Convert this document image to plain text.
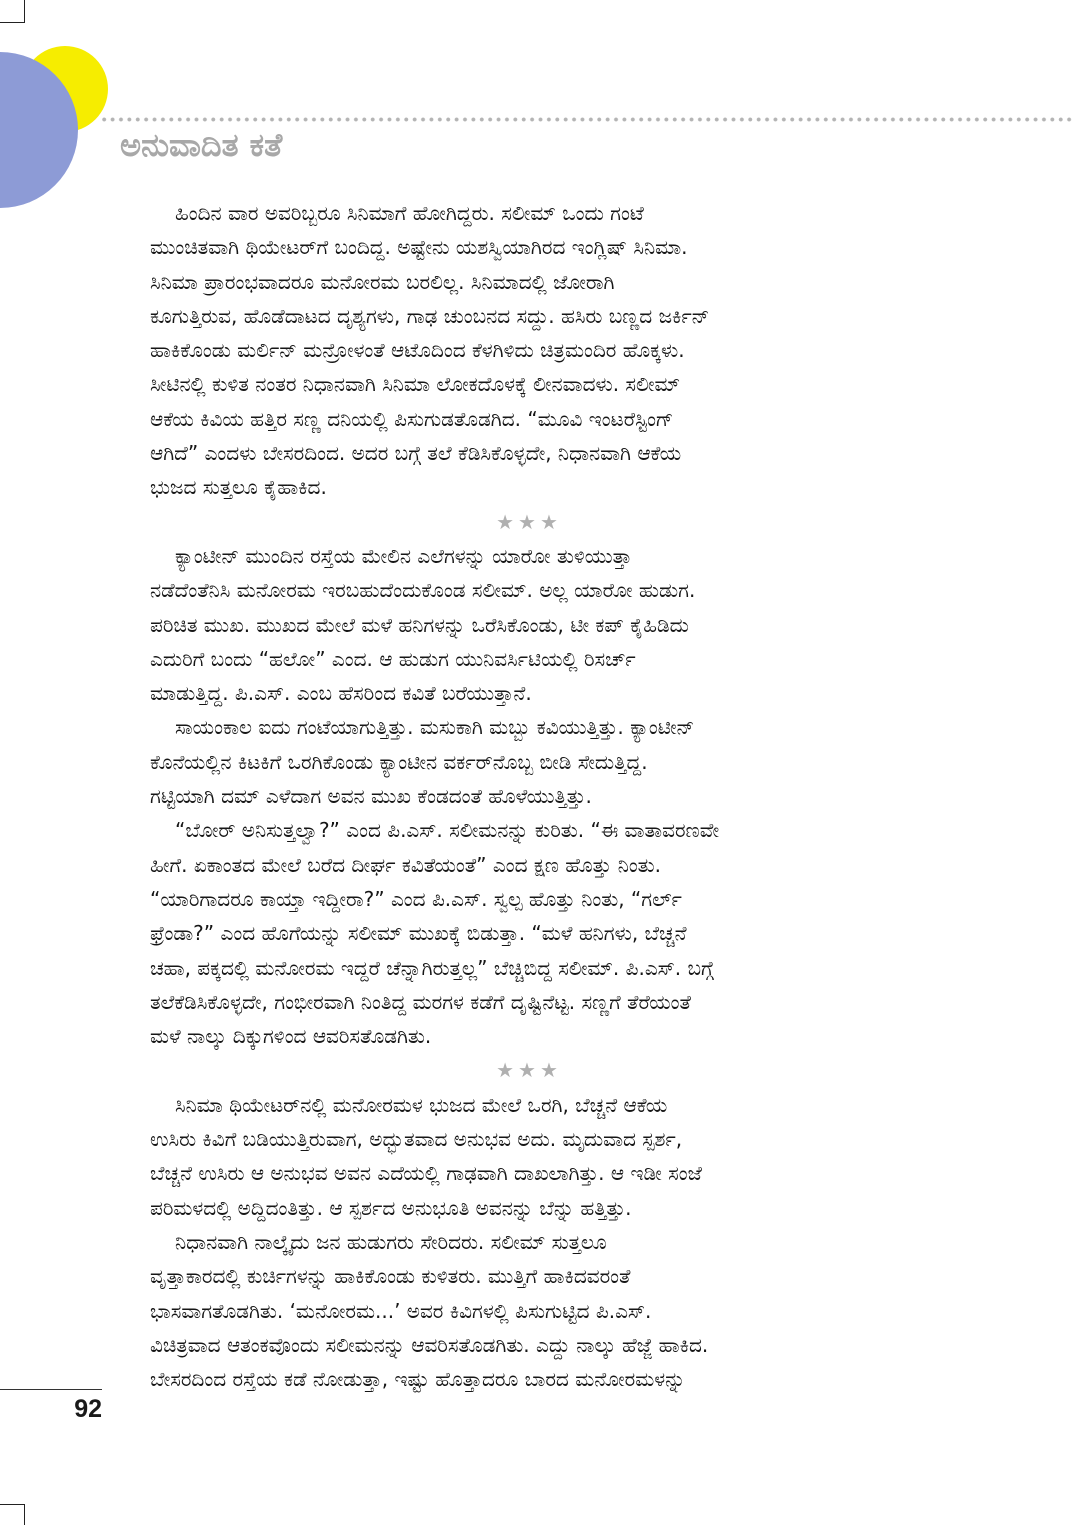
ಅನುವಾದಿತ ಕತೆ
ಹಿಂದಿನ ವಾರ ಅವರಿಬ್ಬರೂ ಸಿನಿಮಾಗೆ ಹೋಗಿದ್ದರು. ಸಲೀಮ್ ಒಂದು ಗಂಟೆ
ಮುಂಚಿತವಾಗಿ ಥಿಯೇಟರ್‌ಗೆ ಬಂದಿದ್ದ. ಅಷ್ಟೇನು ಯಶಸ್ವಿಯಾಗಿರದ ಇಂಗ್ಲಿಷ್ ಸಿನಿಮಾ.
ಸಿನಿಮಾ ಪ್ರಾರಂಭವಾದರೂ ಮನೋರಮ ಬರಲಿಲ್ಲ. ಸಿನಿಮಾದಲ್ಲಿ ಜೋರಾಗಿ
ಕೂಗುತ್ತಿರುವ, ಹೊಡೆದಾಟದ ದೃಶ್ಯಗಳು, ಗಾಢ ಚುಂಬನದ ಸದ್ದು. ಹಸಿರು ಬಣ್ಣದ ಜರ್ಕಿನ್
ಹಾಕಿಕೊಂಡು ಮರ್ಲಿನ್ ಮನ್ರೋಳಂತೆ ಆಟೊದಿಂದ ಕೆಳಗಿಳಿದು ಚಿತ್ರಮಂದಿರ ಹೊಕ್ಕಳು.
ಸೀಟಿನಲ್ಲಿ ಕುಳಿತ ನಂತರ ನಿಧಾನವಾಗಿ ಸಿನಿಮಾ ಲೋಕದೊಳಕ್ಕೆ ಲೀನವಾದಳು. ಸಲೀಮ್
ಆಕೆಯ ಕಿವಿಯ ಹತ್ತಿರ ಸಣ್ಣ ದನಿಯಲ್ಲಿ ಪಿಸುಗುಡತೊಡಗಿದ. “ಮೂವಿ ಇಂಟರೆಸ್ಟಿಂಗ್
ಆಗಿದೆ” ಎಂದಳು ಬೇಸರದಿಂದ. ಅದರ ಬಗ್ಗೆ ತಲೆ ಕೆಡಿಸಿಕೊಳ್ಳದೇ, ನಿಧಾನವಾಗಿ ಆಕೆಯ
ಭುಜದ ಸುತ್ತಲೂ ಕೈಹಾಕಿದ.
★★★
ಕ್ಯಾಂಟೀನ್ ಮುಂದಿನ ರಸ್ತೆಯ ಮೇಲಿನ ಎಲೆಗಳನ್ನು ಯಾರೋ ತುಳಿಯುತ್ತಾ
ನಡೆದೆಂತೆನಿಸಿ ಮನೋರಮ ಇರಬಹುದೆಂದುಕೊಂಡ ಸಲೀಮ್. ಅಲ್ಲ ಯಾರೋ ಹುಡುಗ.
ಪರಿಚಿತ ಮುಖ. ಮುಖದ ಮೇಲೆ ಮಳೆ ಹನಿಗಳನ್ನು ಒರೆಸಿಕೊಂಡು, ಟೀ ಕಪ್ ಕೈಹಿಡಿದು
ಎದುರಿಗೆ ಬಂದು “ಹಲೋ” ಎಂದ. ಆ ಹುಡುಗ ಯುನಿವರ್ಸಿಟಿಯಲ್ಲಿ ರಿಸರ್ಚ್
ಮಾಡುತ್ತಿದ್ದ. ಪಿ.ಎಸ್. ಎಂಬ ಹೆಸರಿಂದ ಕವಿತೆ ಬರೆಯುತ್ತಾನೆ.
ಸಾಯಂಕಾಲ ಐದು ಗಂಟೆಯಾಗುತ್ತಿತ್ತು. ಮಸುಕಾಗಿ ಮಬ್ಬು ಕವಿಯುತ್ತಿತ್ತು. ಕ್ಯಾಂಟೀನ್
ಕೊನೆಯಲ್ಲಿನ ಕಿಟಕಿಗೆ ಒರಗಿಕೊಂಡು ಕ್ಯಾಂಟೀನ ವರ್ಕರ್‌ನೊಬ್ಬ ಬೀಡಿ ಸೇದುತ್ತಿದ್ದ.
ಗಟ್ಟಿಯಾಗಿ ದಮ್ ಎಳೆದಾಗ ಅವನ ಮುಖ ಕೆಂಡದಂತೆ ಹೊಳೆಯುತ್ತಿತ್ತು.
“ಬೋರ್ ಅನಿಸುತ್ತಲ್ವಾ?” ಎಂದ ಪಿ.ಎಸ್. ಸಲೀಮನನ್ನು ಕುರಿತು. “ಈ ವಾತಾವರಣವೇ
ಹೀಗೆ. ಏಕಾಂತದ ಮೇಲೆ ಬರೆದ ದೀರ್ಘ ಕವಿತೆಯಂತೆ” ಎಂದ ಕ್ಷಣ ಹೊತ್ತು ನಿಂತು.
“ಯಾರಿಗಾದರೂ ಕಾಯ್ತಾ ಇದ್ದೀರಾ?” ಎಂದ ಪಿ.ಎಸ್. ಸ್ವಲ್ಪ ಹೊತ್ತು ನಿಂತು, “ಗರ್ಲ್
ಫ್ರೆಂಡಾ?” ಎಂದ ಹೊಗೆಯನ್ನು ಸಲೀಮ್ ಮುಖಕ್ಕೆ ಬಿಡುತ್ತಾ. “ಮಳೆ ಹನಿಗಳು, ಬೆಚ್ಚನೆ
ಚಹಾ, ಪಕ್ಕದಲ್ಲಿ ಮನೋರಮ ಇದ್ದರೆ ಚೆನ್ನಾಗಿರುತ್ತಲ್ಲ” ಬೆಚ್ಚಿಬಿದ್ದ ಸಲೀಮ್. ಪಿ.ಎಸ್. ಬಗ್ಗೆ
ತಲೆಕೆಡಿಸಿಕೊಳ್ಳದೇ, ಗಂಭೀರವಾಗಿ ನಿಂತಿದ್ದ ಮರಗಳ ಕಡೆಗೆ ದೃಷ್ಟಿನೆಟ್ಟ. ಸಣ್ಣಗೆ ತೆರೆಯಂತೆ
ಮಳೆ ನಾಲ್ಕು ದಿಕ್ಕುಗಳಿಂದ ಆವರಿಸತೊಡಗಿತು.
★★★
ಸಿನಿಮಾ ಥಿಯೇಟರ್‌ನಲ್ಲಿ ಮನೋರಮಳ ಭುಜದ ಮೇಲೆ ಒರಗಿ, ಬೆಚ್ಚನೆ ಆಕೆಯ
ಉಸಿರು ಕಿವಿಗೆ ಬಡಿಯುತ್ತಿರುವಾಗ, ಅದ್ಭುತವಾದ ಅನುಭವ ಅದು. ಮೃದುವಾದ ಸ್ಪರ್ಶ,
ಬೆಚ್ಚನೆ ಉಸಿರು ಆ ಅನುಭವ ಅವನ ಎದೆಯಲ್ಲಿ ಗಾಢವಾಗಿ ದಾಖಲಾಗಿತ್ತು. ಆ ಇಡೀ ಸಂಜೆ
ಪರಿಮಳದಲ್ಲಿ ಅದ್ದಿದಂತಿತ್ತು. ಆ ಸ್ಪರ್ಶದ ಅನುಭೂತಿ ಅವನನ್ನು ಬೆನ್ನು ಹತ್ತಿತ್ತು.
ನಿಧಾನವಾಗಿ ನಾಲ್ಕೈದು ಜನ ಹುಡುಗರು ಸೇರಿದರು. ಸಲೀಮ್ ಸುತ್ತಲೂ
ವೃತ್ತಾಕಾರದಲ್ಲಿ ಕುರ್ಚಿಗಳನ್ನು ಹಾಕಿಕೊಂಡು ಕುಳಿತರು. ಮುತ್ತಿಗೆ ಹಾಕಿದವರಂತೆ
ಭಾಸವಾಗತೊಡಗಿತು. ‘ಮನೋರಮ...’ ಅವರ ಕಿವಿಗಳಲ್ಲಿ ಪಿಸುಗುಟ್ಟಿದ ಪಿ.ಎಸ್.
ವಿಚಿತ್ರವಾದ ಆತಂಕವೊಂದು ಸಲೀಮನನ್ನು ಆವರಿಸತೊಡಗಿತು. ಎದ್ದು ನಾಲ್ಕು ಹೆಜ್ಜೆ ಹಾಕಿದ.
ಬೇಸರದಿಂದ ರಸ್ತೆಯ ಕಡೆ ನೋಡುತ್ತಾ, ಇಷ್ಟು ಹೊತ್ತಾದರೂ ಬಾರದ ಮನೋರಮಳನ್ನು
92
